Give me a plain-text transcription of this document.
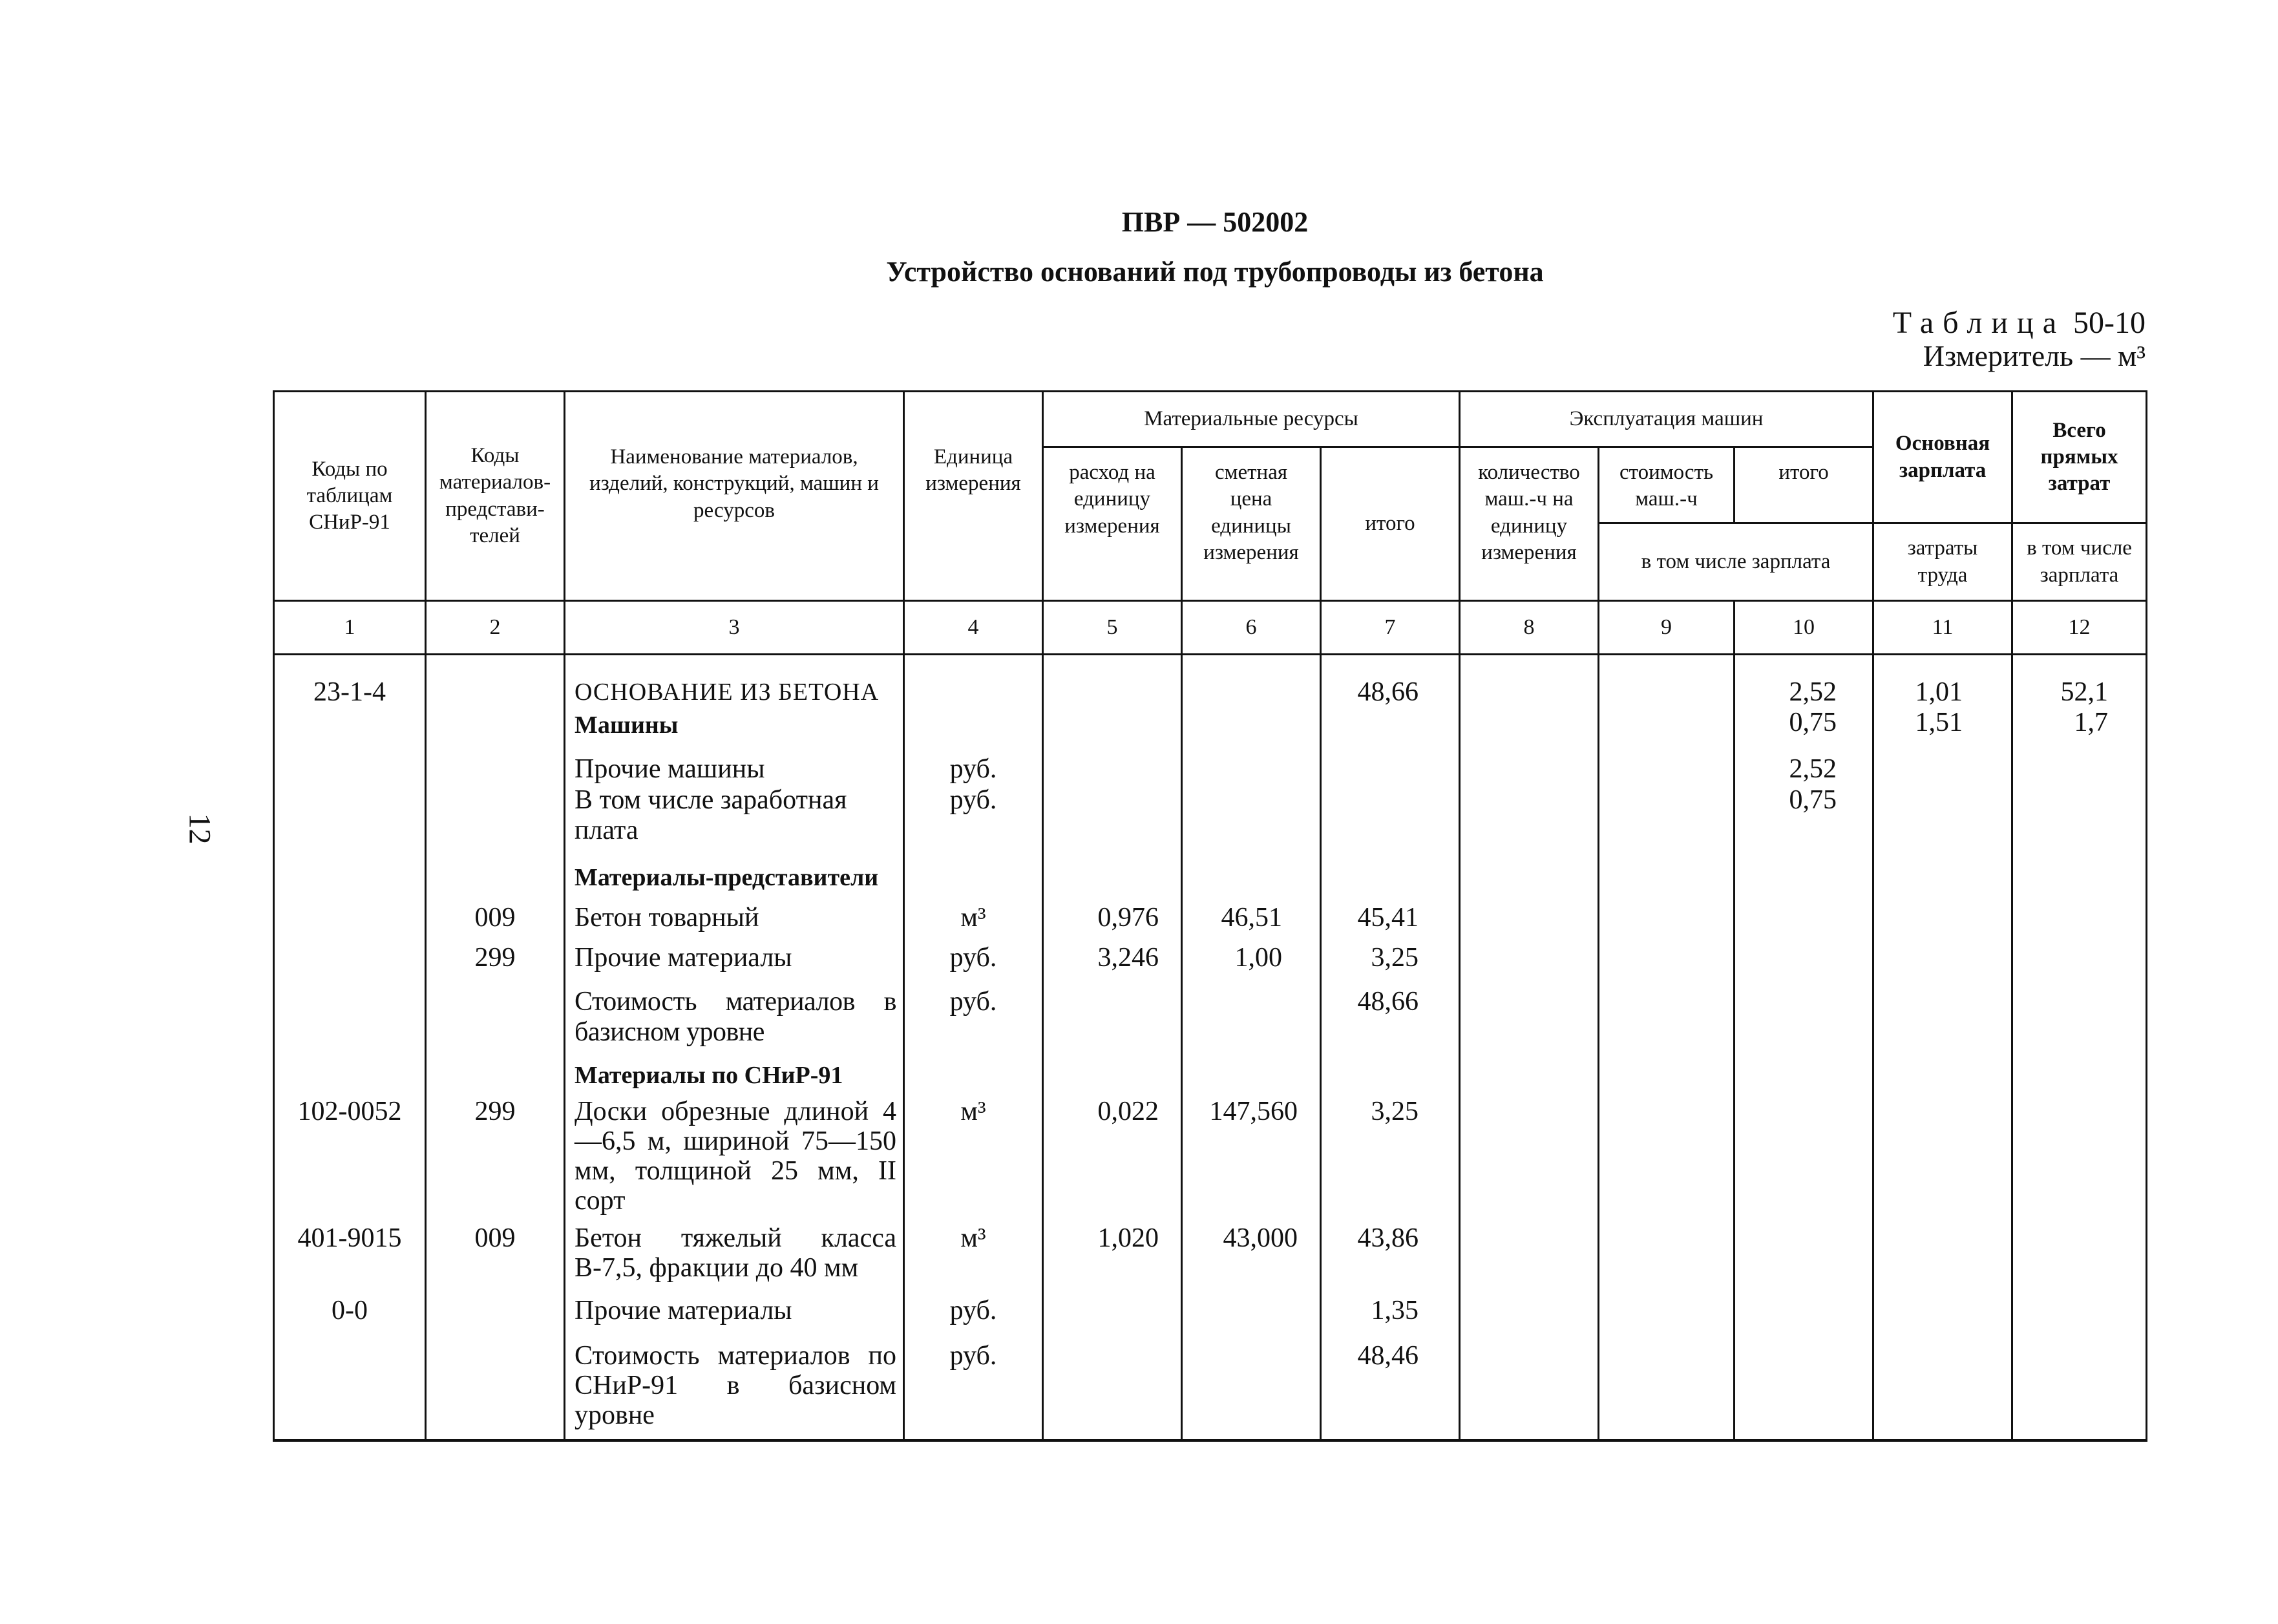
12
ПВР — 502002
Устройство оснований под трубопроводы из бетона
Таблица 50-10
Измеритель — м³
Коды по таблицам СНиР-91	Коды материалов-представи-телей	Наименование материалов, изделий, конструкций, машин и ресурсов	Единица измерения	Материальные ресурсы			Эксплуатация машин			Основная зарплата	Всего прямых затрат

				расход на единицу измерения	сметная цена единицы измерения	итого	количество маш.-ч на единицу измерения	стоимость маш.-ч	итого		

								в том числе зарплата		затраты труда	в том числе зарплата

1	2	3	4	5	6	7	8	9	10	11	12
23-1-4		ОСНОВАНИЕ ИЗ БЕТОНА				48,66			2,52	1,01	52,1
		Машины							0,75	1,51	1,7
		Прочие машины	руб.						2,52		
		В том числе заработная плата	руб.						0,75		
		Материалы-представители									
	009	Бетон товарный	м³	0,976	46,51	45,41					
	299	Прочие материалы	руб.	3,246	1,00	3,25					
		Стоимость материалов в базисном уровне	руб.			48,66					
		Материалы по СНиР-91									
102-0052	299	Доски обрезные длиной 4—6,5 м, шириной 75—150 мм, толщиной 25 мм, II сорт	м³	0,022	147,560	3,25					
401-9015	009	Бетон тяжелый класса В-7,5, фракции до 40 мм	м³	1,020	43,000	43,86					
0-0		Прочие материалы	руб.			1,35					
		Стоимость материалов по СНиР-91 в базисном уровне	руб.			48,46					
